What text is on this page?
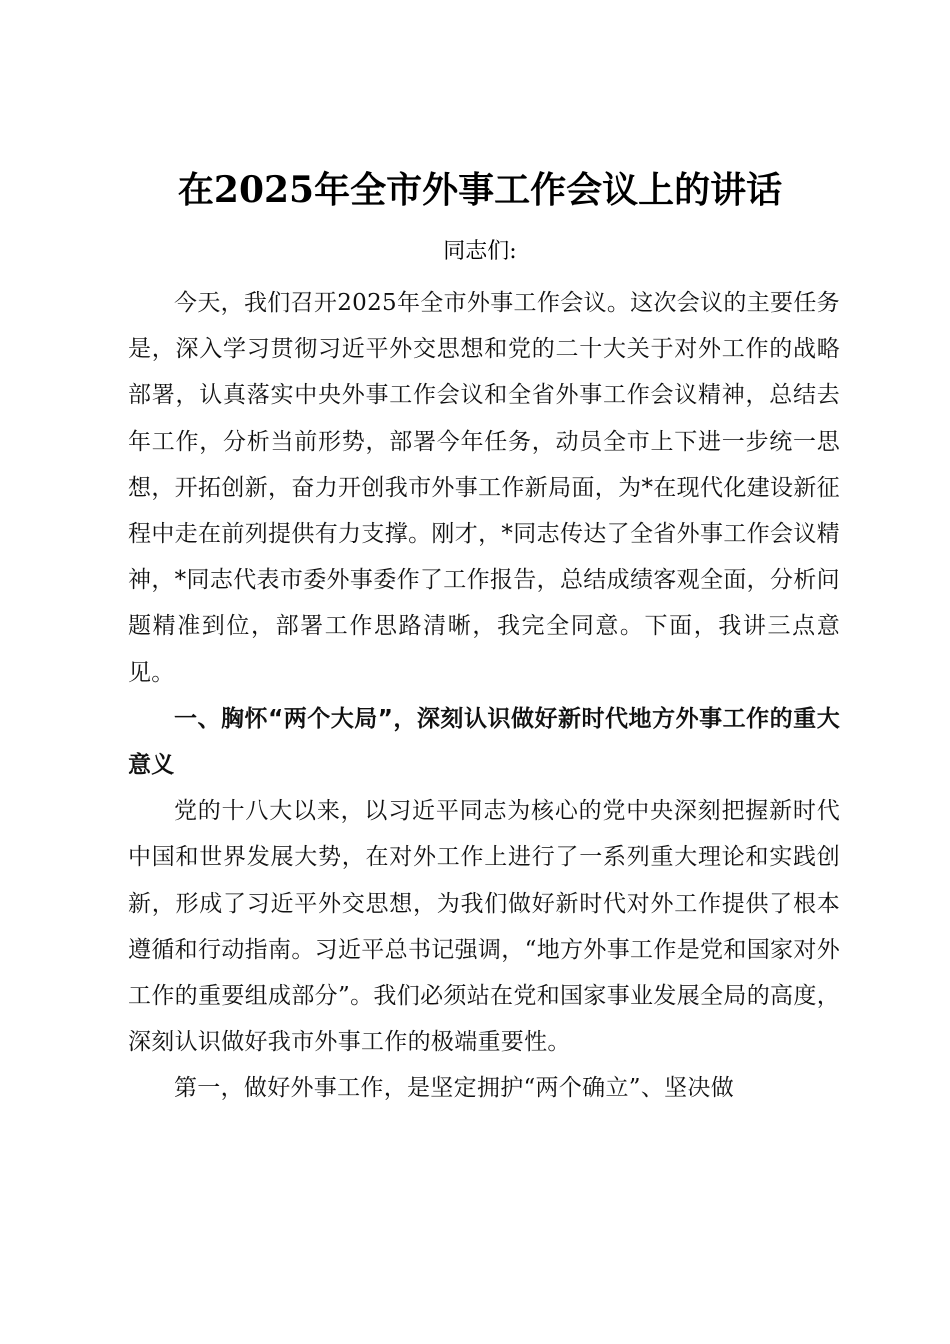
在2025年全市外事工作会议上的讲话
同志们:

今天，我们召开2025年全市外事工作会议。这次会议的主要任务是，深入学习贯彻习近平外交思想和党的二十大关于对外工作的战略部署，认真落实中央外事工作会议和全省外事工作会议精神，总结去年工作，分析当前形势，部署今年任务，动员全市上下进一步统一思想，开拓创新，奋力开创我市外事工作新局面，为*在现代化建设新征程中走在前列提供有力支撑。刚才，*同志传达了全省外事工作会议精神，*同志代表市委外事委作了工作报告，总结成绩客观全面，分析问题精准到位，部署工作思路清晰，我完全同意。下面，我讲三点意见。

一、胸怀“两个大局”，深刻认识做好新时代地方外事工作的重大意义

党的十八大以来，以习近平同志为核心的党中央深刻把握新时代中国和世界发展大势，在对外工作上进行了一系列重大理论和实践创新，形成了习近平外交思想，为我们做好新时代对外工作提供了根本遵循和行动指南。习近平总书记强调，“地方外事工作是党和国家对外工作的重要组成部分”。我们必须站在党和国家事业发展全局的高度，深刻认识做好我市外事工作的极端重要性。

第一，做好外事工作，是坚定拥护“两个确立”、坚决做
